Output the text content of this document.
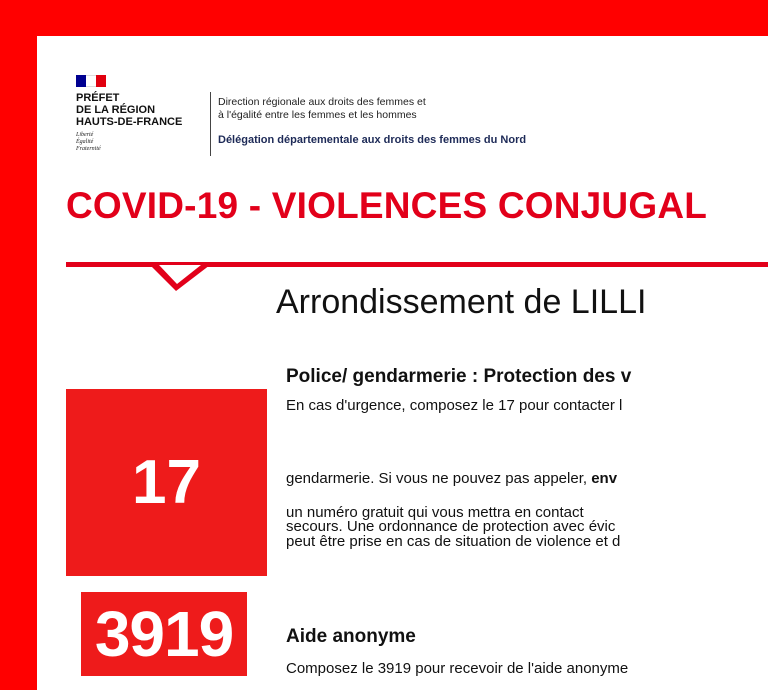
PRÉFET
DE LA RÉGION
HAUTS-DE-FRANCE
Liberté
Égalité
Fraternité
Direction régionale aux droits des femmes et
à l'égalité entre les femmes et les hommes
Délégation départementale aux droits des femmes du Nord
COVID-19 - VIOLENCES CONJUGAL
Arrondissement de LILLI
17
Police/ gendarmerie : Protection des v
En cas d'urgence, composez le 17 pour contacter l
gendarmerie. Si vous ne pouvez pas appeler, env
un numéro gratuit qui vous mettra en contact
secours. Une ordonnance de protection avec évic
peut être prise en cas de situation de violence et d
3919	Aide anonyme
Composez le 3919 pour recevoir de l'aide anonyme
